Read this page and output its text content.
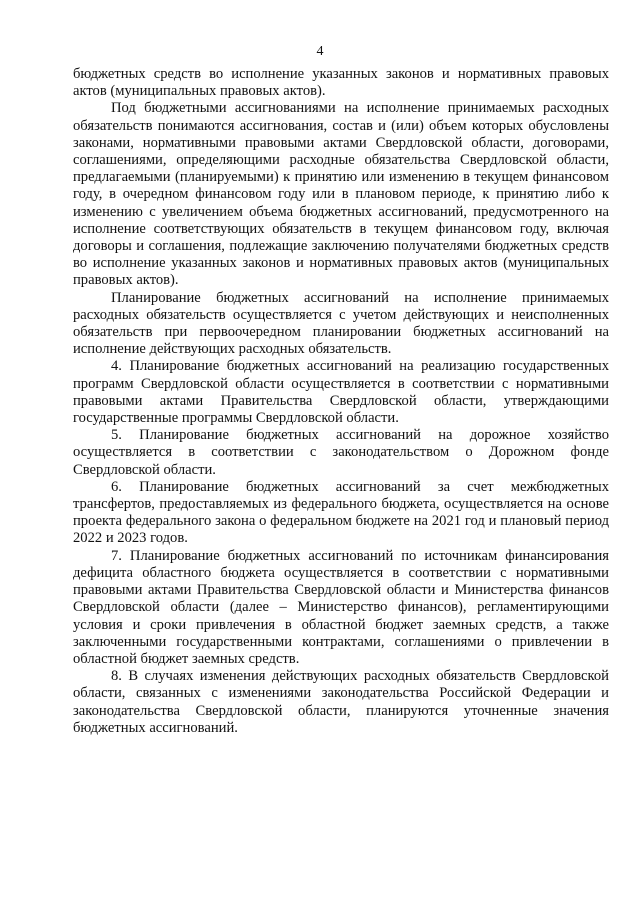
4

бюджетных средств во исполнение указанных законов и нормативных правовых актов (муниципальных правовых актов).

Под бюджетными ассигнованиями на исполнение принимаемых расходных обязательств понимаются ассигнования, состав и (или) объем которых обусловлены законами, нормативными правовыми актами Свердловской области, договорами, соглашениями, определяющими расходные обязательства Свердловской области, предлагаемыми (планируемыми) к принятию или изменению в текущем финансовом году, в очередном финансовом году или в плановом периоде, к принятию либо к изменению с увеличением объема бюджетных ассигнований, предусмотренного на исполнение соответствующих обязательств в текущем финансовом году, включая договоры и соглашения, подлежащие заключению получателями бюджетных средств во исполнение указанных законов и нормативных правовых актов (муниципальных правовых актов).

Планирование бюджетных ассигнований на исполнение принимаемых расходных обязательств осуществляется с учетом действующих и неисполненных обязательств при первоочередном планировании бюджетных ассигнований на исполнение действующих расходных обязательств.

4. Планирование бюджетных ассигнований на реализацию государственных программ Свердловской области осуществляется в соответствии с нормативными правовыми актами Правительства Свердловской области, утверждающими государственные программы Свердловской области.

5. Планирование бюджетных ассигнований на дорожное хозяйство осуществляется в соответствии с законодательством о Дорожном фонде Свердловской области.

6. Планирование бюджетных ассигнований за счет межбюджетных трансфертов, предоставляемых из федерального бюджета, осуществляется на основе проекта федерального закона о федеральном бюджете на 2021 год и плановый период 2022 и 2023 годов.

7. Планирование бюджетных ассигнований по источникам финансирования дефицита областного бюджета осуществляется в соответствии с нормативными правовыми актами Правительства Свердловской области и Министерства финансов Свердловской области (далее – Министерство финансов), регламентирующими условия и сроки привлечения в областной бюджет заемных средств, а также заключенными государственными контрактами, соглашениями о привлечении в областной бюджет заемных средств.

8. В случаях изменения действующих расходных обязательств Свердловской области, связанных с изменениями законодательства Российской Федерации и законодательства Свердловской области, планируются уточненные значения бюджетных ассигнований.
